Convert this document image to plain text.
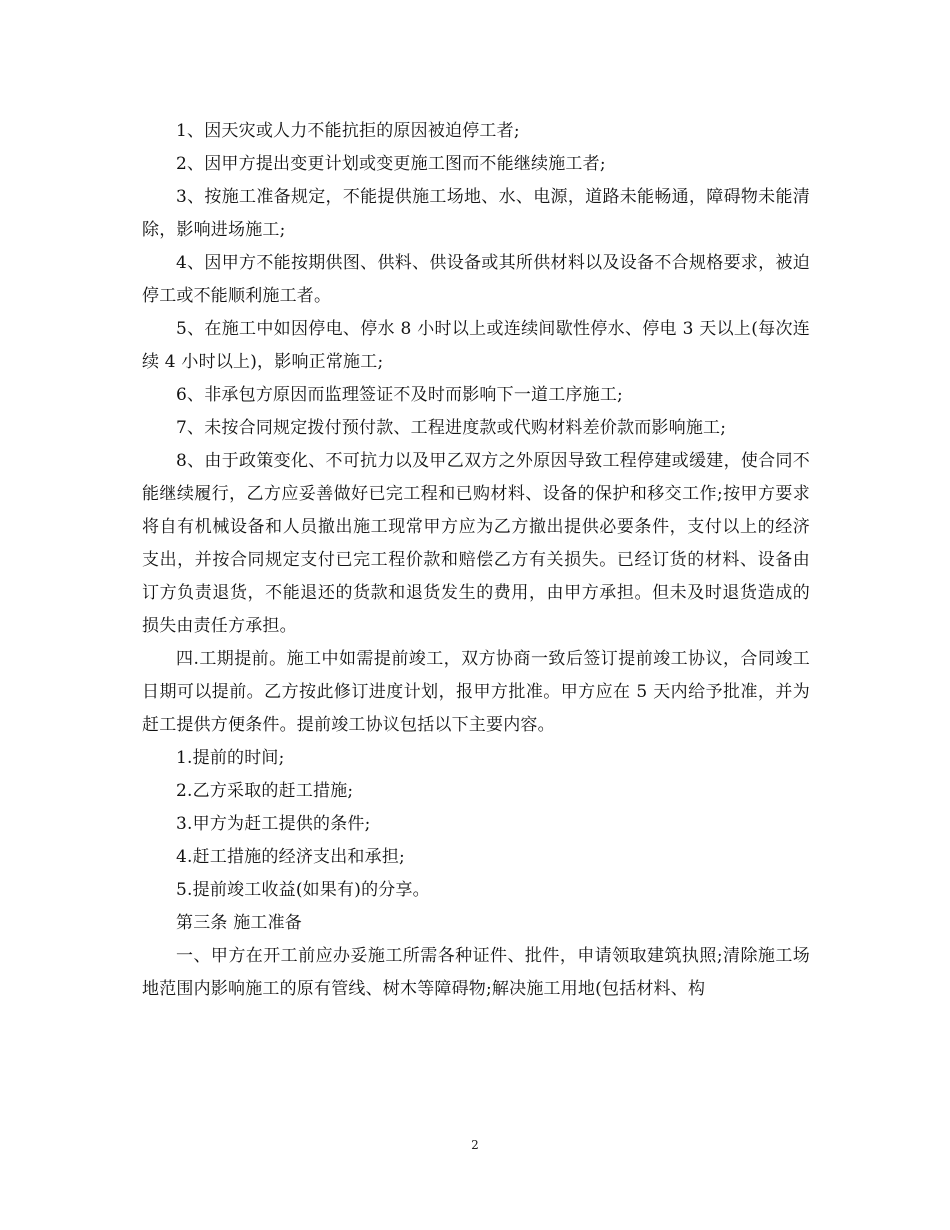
1、因天灾或人力不能抗拒的原因被迫停工者;

2、因甲方提出变更计划或变更施工图而不能继续施工者;

3、按施工准备规定，不能提供施工场地、水、电源，道路未能畅通，障碍物未能清除，影响进场施工;

4、因甲方不能按期供图、供料、供设备或其所供材料以及设备不合规格要求，被迫停工或不能顺利施工者。

5、在施工中如因停电、停水 8 小时以上或连续间歇性停水、停电 3 天以上(每次连续 4 小时以上)，影响正常施工;

6、非承包方原因而监理签证不及时而影响下一道工序施工;

7、未按合同规定拨付预付款、工程进度款或代购材料差价款而影响施工;

8、由于政策变化、不可抗力以及甲乙双方之外原因导致工程停建或缓建，使合同不能继续履行，乙方应妥善做好已完工程和已购材料、设备的保护和移交工作;按甲方要求将自有机械设备和人员撤出施工现常甲方应为乙方撤出提供必要条件，支付以上的经济支出，并按合同规定支付已完工程价款和赔偿乙方有关损失。已经订货的材料、设备由订方负责退货，不能退还的货款和退货发生的费用，由甲方承担。但未及时退货造成的损失由责任方承担。

四.工期提前。施工中如需提前竣工，双方协商一致后签订提前竣工协议，合同竣工日期可以提前。乙方按此修订进度计划，报甲方批准。甲方应在 5 天内给予批准，并为赶工提供方便条件。提前竣工协议包括以下主要内容。

1.提前的时间;

2.乙方采取的赶工措施;

3.甲方为赶工提供的条件;

4.赶工措施的经济支出和承担;

5.提前竣工收益(如果有)的分享。

第三条 施工准备

一、甲方在开工前应办妥施工所需各种证件、批件，申请领取建筑执照;清除施工场地范围内影响施工的原有管线、树木等障碍物;解决施工用地(包括材料、构

2
